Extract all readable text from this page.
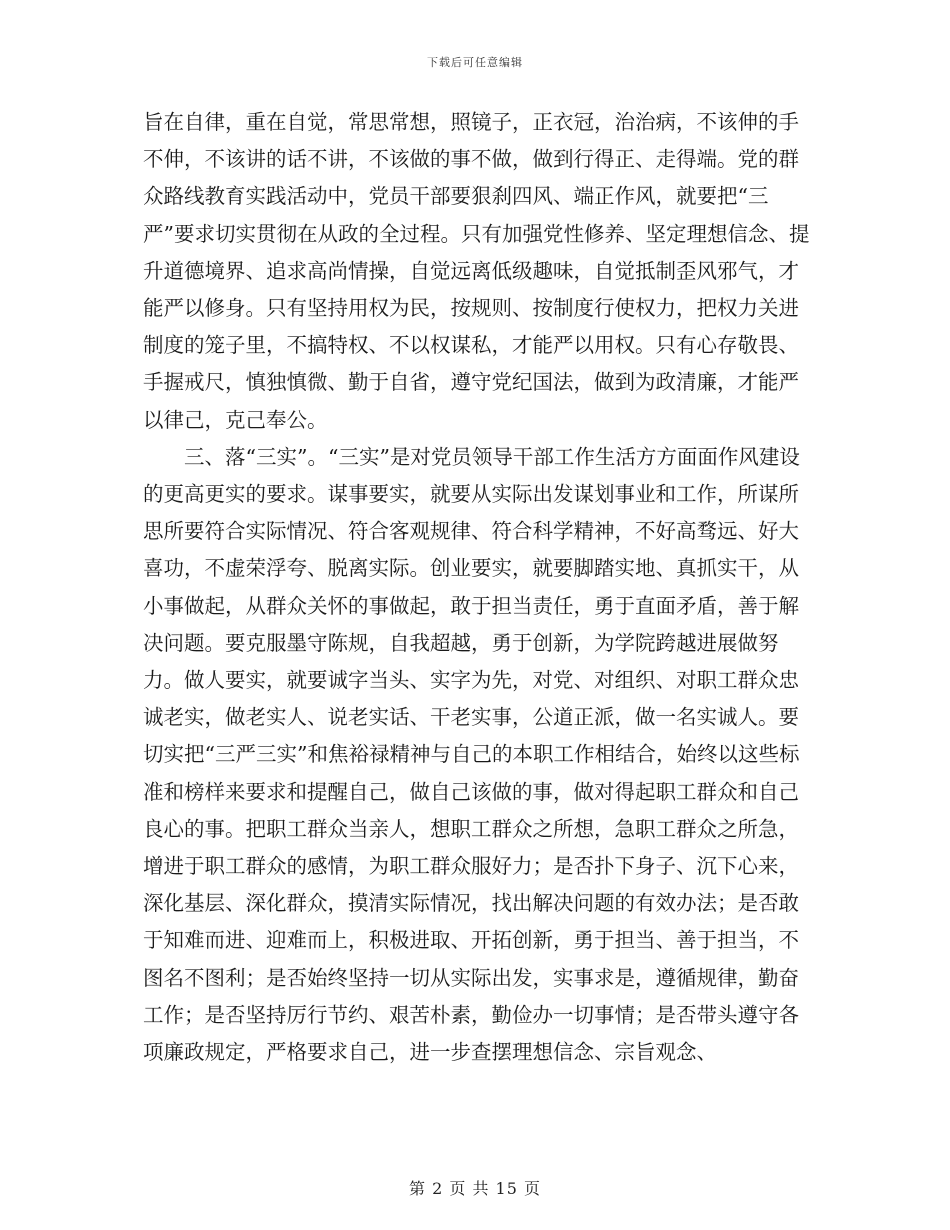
下载后可任意编辑

旨在自律，重在自觉，常思常想，照镜子，正衣冠，治治病，不该伸的手不伸，不该讲的话不讲，不该做的事不做，做到行得正、走得端。党的群众路线教育实践活动中，党员干部要狠刹四风、端正作风，就要把“三严”要求切实贯彻在从政的全过程。只有加强党性修养、坚定理想信念、提升道德境界、追求高尚情操，自觉远离低级趣味，自觉抵制歪风邪气，才能严以修身。只有坚持用权为民，按规则、按制度行使权力，把权力关进制度的笼子里，不搞特权、不以权谋私，才能严以用权。只有心存敬畏、手握戒尺，慎独慎微、勤于自省，遵守党纪国法，做到为政清廉，才能严以律己，克己奉公。

三、落“三实”。“三实”是对党员领导干部工作生活方方面面作风建设的更高更实的要求。谋事要实，就要从实际出发谋划事业和工作，所谋所思所要符合实际情况、符合客观规律、符合科学精神，不好高骛远、好大喜功，不虚荣浮夸、脱离实际。创业要实，就要脚踏实地、真抓实干，从小事做起，从群众关怀的事做起，敢于担当责任，勇于直面矛盾，善于解决问题。要克服墨守陈规，自我超越，勇于创新，为学院跨越进展做努力。做人要实，就要诚字当头、实字为先，对党、对组织、对职工群众忠诚老实，做老实人、说老实话、干老实事，公道正派，做一名实诚人。要切实把“三严三实”和焦裕禄精神与自己的本职工作相结合，始终以这些标准和榜样来要求和提醒自己，做自己该做的事，做对得起职工群众和自己良心的事。把职工群众当亲人，想职工群众之所想，急职工群众之所急，增进于职工群众的感情，为职工群众服好力；是否扑下身子、沉下心来，深化基层、深化群众，摸清实际情况，找出解决问题的有效办法；是否敢于知难而进、迎难而上，积极进取、开拓创新，勇于担当、善于担当，不图名不图利；是否始终坚持一切从实际出发，实事求是，遵循规律，勤奋工作；是否坚持厉行节约、艰苦朴素，勤俭办一切事情；是否带头遵守各项廉政规定，严格要求自己，进一步查摆理想信念、宗旨观念、

第 2 页 共 15 页
